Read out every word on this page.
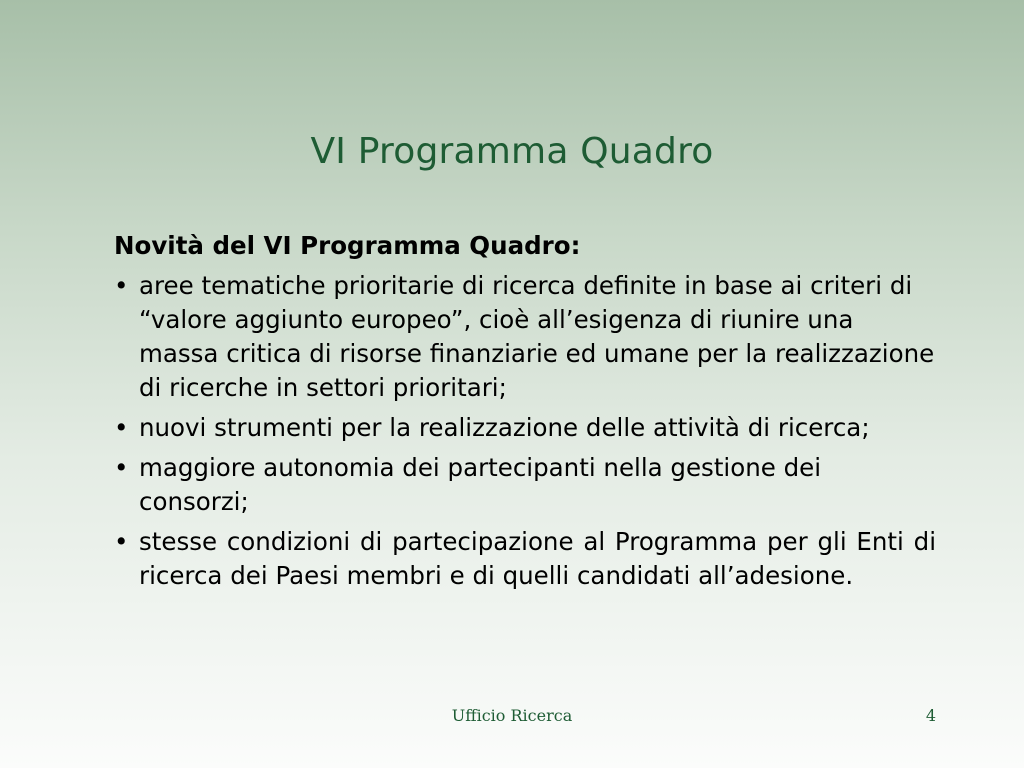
VI Programma Quadro
Novità del VI Programma Quadro:
• aree tematiche prioritarie di ricerca definite in base ai criteri di “valore aggiunto europeo”, cioè all’esigenza di riunire una massa critica di risorse finanziarie ed umane per la realizzazione di ricerche in settori prioritari;
• nuovi strumenti per la realizzazione delle attività di ricerca;
• maggiore autonomia dei partecipanti nella gestione dei consorzi;
• stesse condizioni di partecipazione al Programma per gli Enti di ricerca dei Paesi membri e di quelli candidati all’adesione.
Ufficio Ricerca	4
